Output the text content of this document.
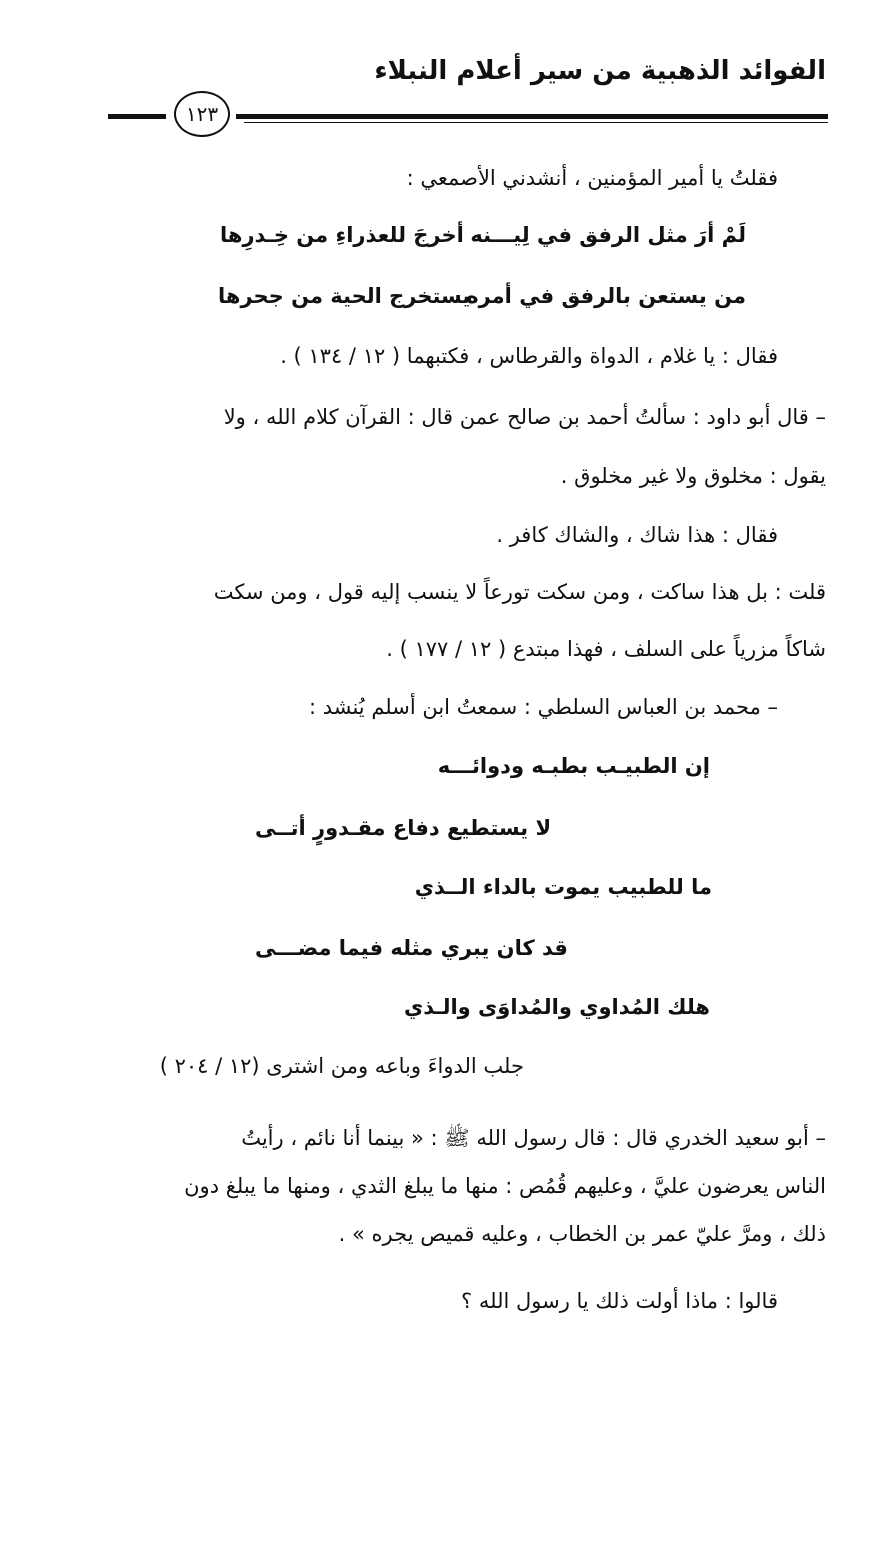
الفوائد الذهبية من سير أعلام النبلاء
١٢٣
فقلتُ يا أمير المؤمنين ، أنشدني الأصمعي :
لَمْ أرَ مثل الرفق في لِيـــنه
أخرجَ للعذراءِ من خِـدرِها
من يستعن بالرفق في أمره
يستخرج الحية من جحرها
فقال : يا غلام ، الدواة والقرطاس ، فكتبهما ( ١٢ / ١٣٤ ) .
– قال أبو داود : سألتُ أحمد بن صالح عمن قال : القرآن كلام الله ، ولا
يقول : مخلوق ولا غير مخلوق .
فقال : هذا شاك ، والشاك كافر .
قلت : بل هذا ساكت ، ومن سكت تورعاً لا ينسب إليه قول ، ومن سكت
شاكاً مزرياً على السلف ، فهذا مبتدع ( ١٢ / ١٧٧ ) .
– محمد بن العباس السلطي : سمعتُ ابن أسلم يُنشد :
إن الطبيـب بطبـه ودوائـــه
لا يستطيع دفاع مقـدورٍ أتــى
ما للطبيب يموت بالداء الــذي
قد كان يبري مثله فيما مضـــى
هلك المُداوي والمُداوَى والـذي
جلب الدواءَ وباعه ومن اشترى (١٢ / ٢٠٤ )
– أبو سعيد الخدري قال : قال رسول الله ﷺ : « بينما أنا نائم ، رأيتُ
الناس يعرضون عليَّ ، وعليهم قُمُص : منها ما يبلغ الثدي ، ومنها ما يبلغ دون
ذلك ، ومرَّ عليّ عمر بن الخطاب ، وعليه قميص يجره » .
قالوا : ماذا أولت ذلك يا رسول الله ؟
